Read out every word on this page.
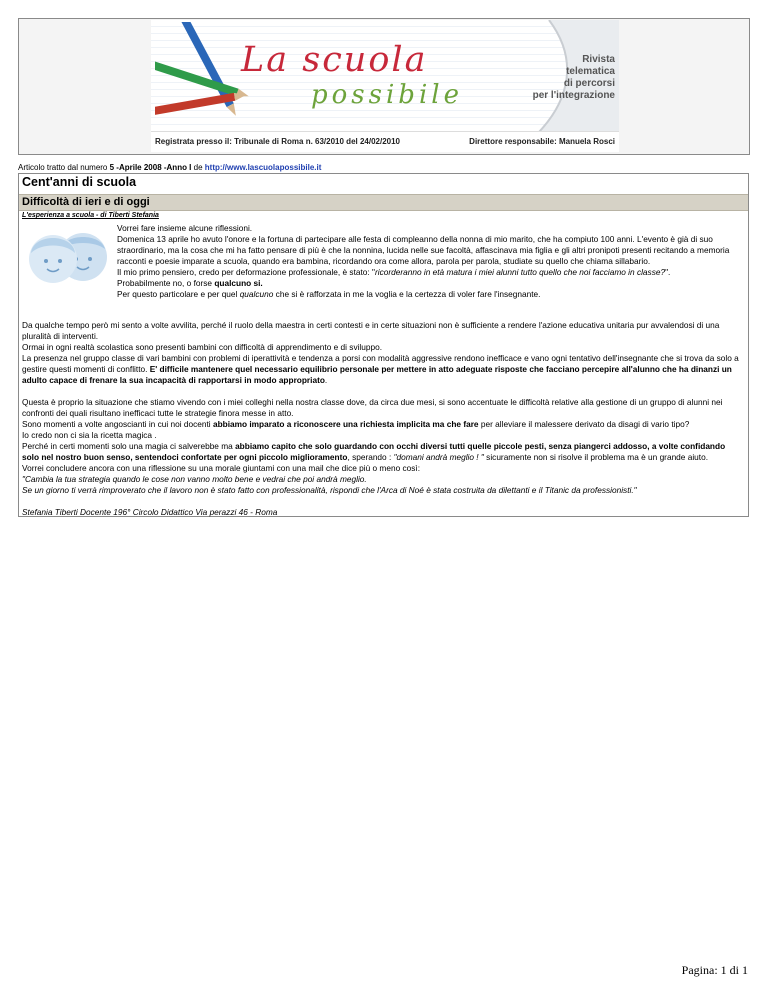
La scuola
possibile
Rivista
telematica
di percorsi
per l'integrazione
Registrata presso il: Tribunale di Roma n. 63/2010 del 24/02/2010	Direttore responsabile: Manuela Rosci
Articolo tratto dal numero 5 -Aprile 2008 -Anno I de http://www.lascuolapossibile.it
Cent'anni di scuola
Difficoltà di ieri e di oggi
L'esperienza a scuola - di Tiberti Stefania

Vorrei fare insieme alcune riflessioni.

Domenica 13 aprile ho avuto l'onore e la fortuna di partecipare alle festa di compleanno della nonna di mio marito, che ha compiuto 100 anni. L'evento è già di suo straordinario, ma la cosa che mi ha fatto pensare di più è che la nonnina, lucida nelle sue facoltà, affascinava mia figlia e gli altri pronipoti presenti recitando a memoria racconti e poesie imparate a scuola, quando era bambina, ricordando ora come allora, parola per parola, studiate su quello che chiama sillabario.

Il mio primo pensiero, credo per deformazione professionale, è stato: "ricorderanno in età matura i miei alunni tutto quello che noi facciamo in classe?".

Probabilmente no, o forse qualcuno si.

Per questo particolare e per quel qualcuno che si è rafforzata in me la voglia e la certezza di voler fare l'insegnante.

Da qualche tempo però mi sento a volte avvilita, perché il ruolo della maestra in certi contesti e in certe situazioni non è sufficiente a rendere l'azione educativa unitaria pur avvalendosi di una pluralità di interventi.

Ormai in ogni realtà scolastica sono presenti bambini con difficoltà di apprendimento e di sviluppo.

La presenza nel gruppo classe di vari bambini con problemi di iperattività e tendenza a porsi con modalità aggressive rendono inefficace e vano ogni tentativo dell'insegnante che si trova da solo a gestire questi momenti di conflitto. E' difficile mantenere quel necessario equilibrio personale per mettere in atto adeguate risposte che facciano percepire all'alunno che ha dinanzi un adulto capace di frenare la sua incapacità di rapportarsi in modo appropriato.

Questa è proprio la situazione che stiamo vivendo con i miei colleghi nella nostra classe dove, da circa due mesi, si sono accentuate le difficoltà relative alla gestione di un gruppo di alunni nei confronti dei quali risultano inefficaci tutte le strategie finora messe in atto.

Sono momenti a volte angoscianti in cui noi docenti abbiamo imparato a riconoscere una richiesta implicita ma che fare per alleviare il malessere derivato da disagi di vario tipo?

Io credo non ci sia la ricetta magica .

Perché in certi momenti solo una magia ci salverebbe ma abbiamo capito che solo guardando con occhi diversi tutti quelle piccole pesti, senza piangerci addosso, a volte confidando solo nel nostro buon senso, sentendoci confortate per ogni piccolo miglioramento, sperando : "domani andrà meglio ! " sicuramente non si risolve il problema ma è un grande aiuto.

Vorrei concludere ancora con una riflessione su una morale giuntami con una mail che dice più o meno così:

"Cambia la tua strategia quando le cose non vanno molto bene e vedrai che poi andrà meglio.

Se un giorno ti verrà rimproverato che il lavoro non è stato fatto con professionalità, rispondi che l'Arca di Noé è stata costruita da dilettanti e il Titanic da professionisti."

Stefania Tiberti Docente 196° Circolo Didattico Via perazzi 46 - Roma
Pagina: 1 di 1
